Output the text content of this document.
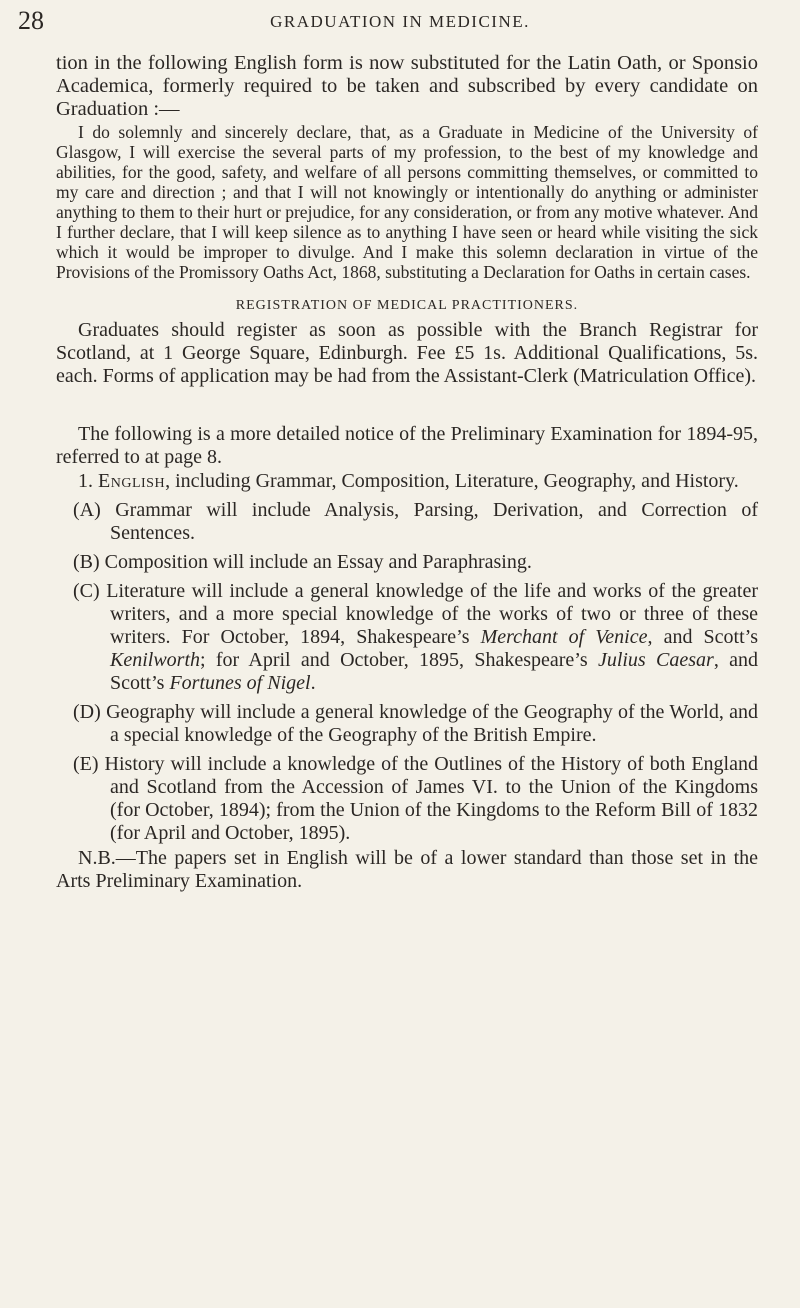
28	GRADUATION IN MEDICINE.

tion in the following English form is now substituted for the Latin Oath, or Sponsio Academica, formerly required to be taken and subscribed by every candidate on Graduation :—

I do solemnly and sincerely declare, that, as a Graduate in Medicine of the University of Glasgow, I will exercise the several parts of my profession, to the best of my knowledge and abilities, for the good, safety, and welfare of all persons committing themselves, or committed to my care and direction ; and that I will not knowingly or intentionally do anything or administer anything to them to their hurt or prejudice, for any consideration, or from any motive whatever. And I further declare, that I will keep silence as to anything I have seen or heard while visiting the sick which it would be improper to divulge. And I make this solemn declaration in virtue of the Provisions of the Promissory Oaths Act, 1868, substituting a Declaration for Oaths in certain cases.

REGISTRATION OF MEDICAL PRACTITIONERS.

Graduates should register as soon as possible with the Branch Registrar for Scotland, at 1 George Square, Edinburgh. Fee £5 1s. Additional Qualifications, 5s. each. Forms of application may be had from the Assistant-Clerk (Matriculation Office).

The following is a more detailed notice of the Preliminary Examination for 1894-95, referred to at page 8.

1. English, including Grammar, Composition, Literature, Geography, and History.

(A) Grammar will include Analysis, Parsing, Derivation, and Correction of Sentences.

(B) Composition will include an Essay and Paraphrasing.

(C) Literature will include a general knowledge of the life and works of the greater writers, and a more special knowledge of the works of two or three of these writers. For October, 1894, Shakespeare’s Merchant of Venice, and Scott’s Kenilworth; for April and October, 1895, Shakespeare’s Julius Caesar, and Scott’s Fortunes of Nigel.

(D) Geography will include a general knowledge of the Geography of the World, and a special knowledge of the Geography of the British Empire.

(E) History will include a knowledge of the Outlines of the History of both England and Scotland from the Accession of James VI. to the Union of the Kingdoms (for October, 1894); from the Union of the Kingdoms to the Reform Bill of 1832 (for April and October, 1895).

N.B.—The papers set in English will be of a lower standard than those set in the Arts Preliminary Examination.
